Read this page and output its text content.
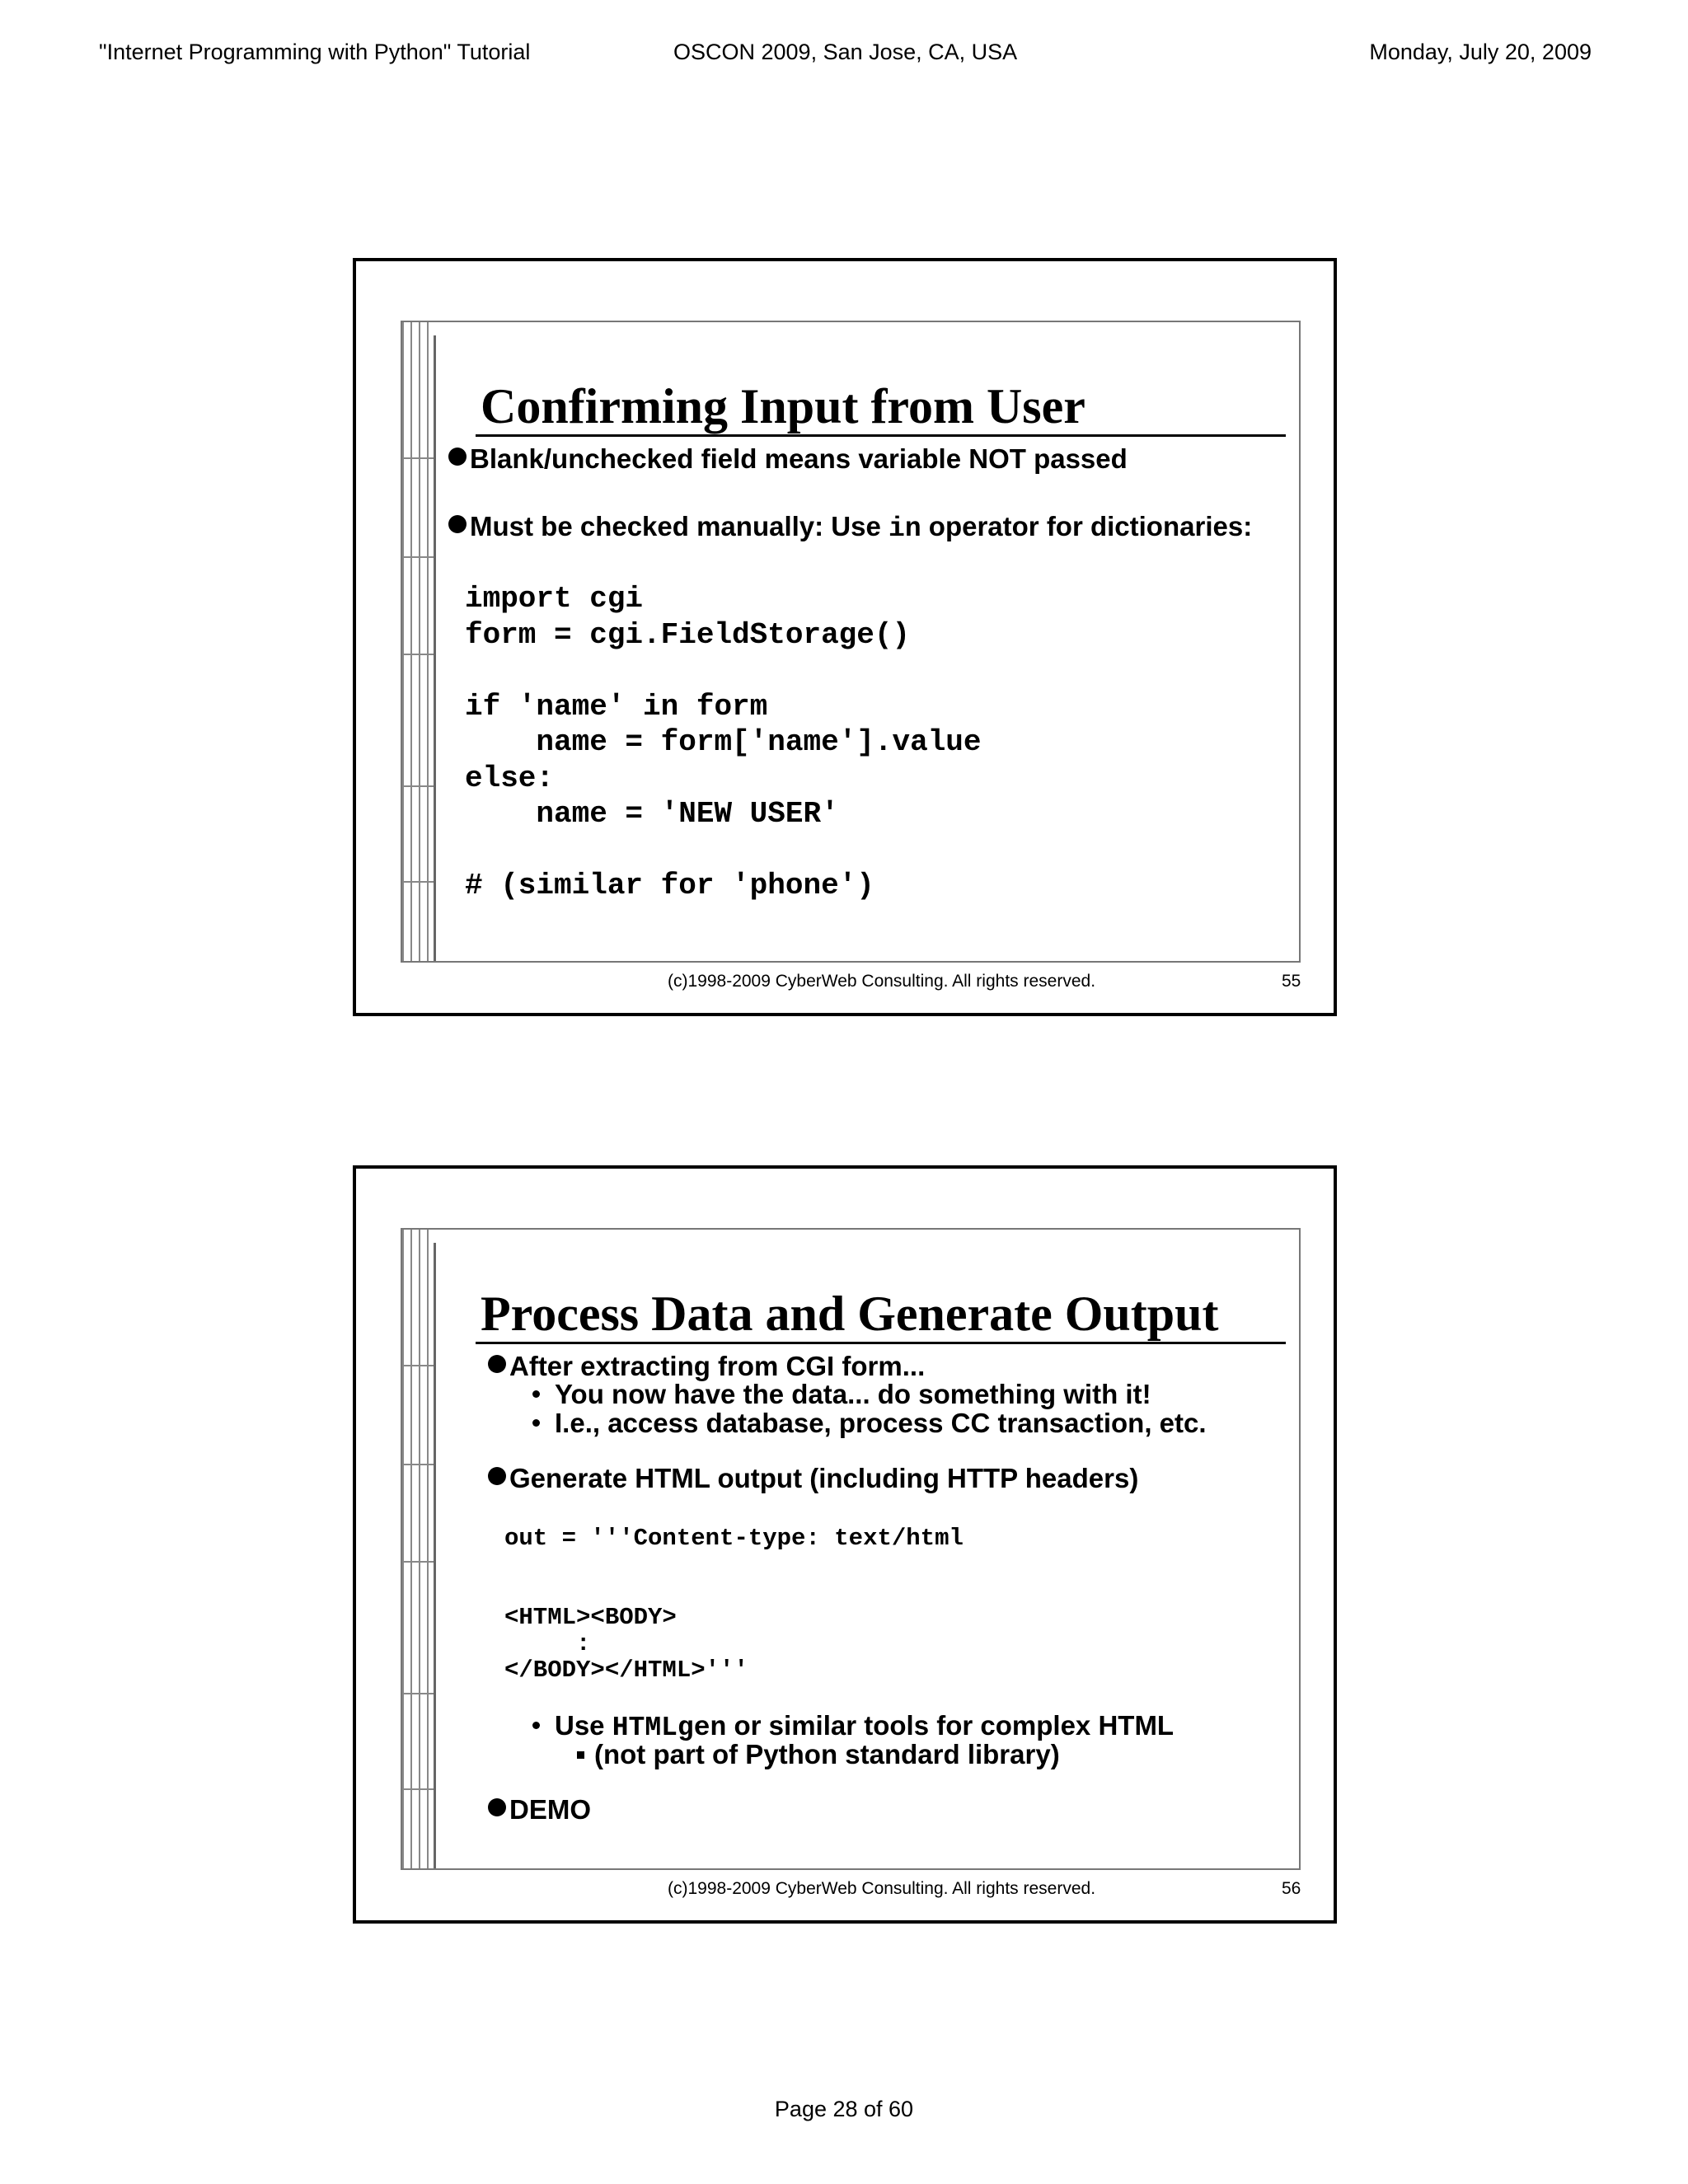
"Internet Programming with Python" Tutorial	OSCON 2009, San Jose, CA, USA	Monday, July 20, 2009
Confirming Input from User
Blank/unchecked field means variable NOT passed
Must be checked manually: Use in operator for dictionaries:
import cgi
form = cgi.FieldStorage()

if 'name' in form
name = form['name'].value
else:
name = 'NEW USER'

# (similar for 'phone')
(c)1998-2009 CyberWeb Consulting. All rights reserved.	55
Process Data and Generate Output
After extracting from CGI form...
You now have the data... do something with it!
I.e., access database, process CC transaction, etc.
Generate HTML output (including HTTP headers)
out = '''Content-type: text/html
<HTML><BODY>
:
</BODY></HTML>'''
Use HTMLgen or similar tools for complex HTML
(not part of Python standard library)
DEMO
(c)1998-2009 CyberWeb Consulting. All rights reserved.	56
Page 28 of 60
